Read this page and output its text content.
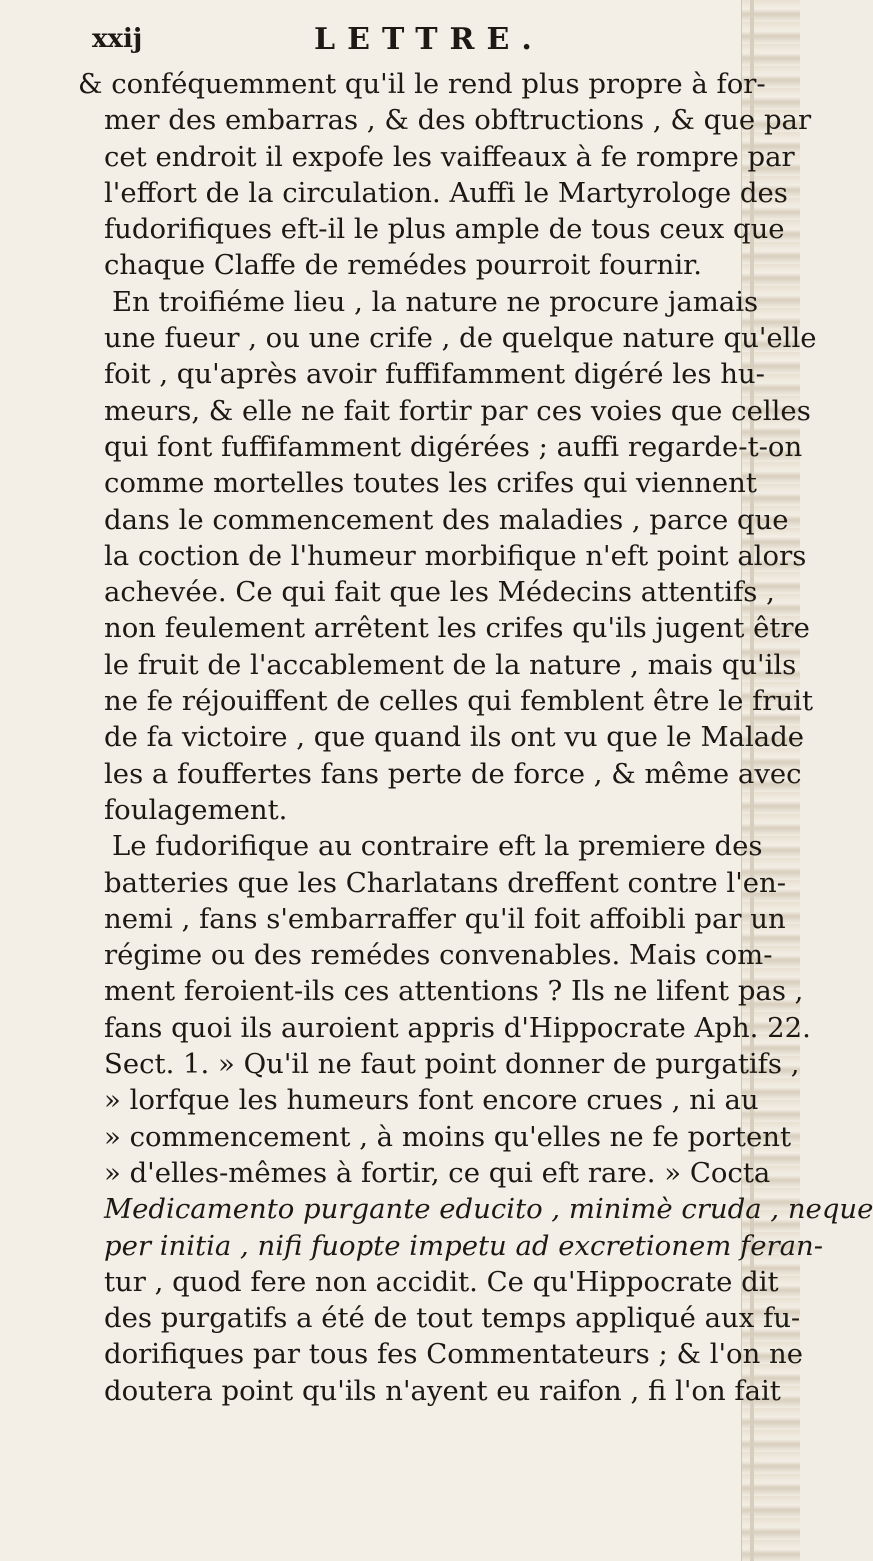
xxij	LETTRE.
& conféquemment qu'il le rend plus propre à for-
mer des embarras , & des obftructions , & que par
cet endroit il expofe les vaiffeaux à fe rompre par
l'effort de la circulation. Auffi le Martyrologe des
fudorifiques eft-il le plus ample de tous ceux que
chaque Claffe de remédes pourroit fournir.
En troifiéme lieu , la nature ne procure jamais
une fueur , ou une crife , de quelque nature qu'elle
foit , qu'après avoir fuffifamment digéré les hu-
meurs, & elle ne fait fortir par ces voies que celles
qui font fuffifamment digérées ; auffi regarde-t-on
comme mortelles toutes les crifes qui viennent
dans le commencement des maladies , parce que
la coction de l'humeur morbifique n'eft point alors
achevée. Ce qui fait que les Médecins attentifs ,
non feulement arrêtent les crifes qu'ils jugent être
le fruit de l'accablement de la nature , mais qu'ils
ne fe réjouiffent de celles qui femblent être le fruit
de fa victoire , que quand ils ont vu que le Malade
les a fouffertes fans perte de force , & même avec
foulagement.
Le fudorifique au contraire eft la premiere des
batteries que les Charlatans dreffent contre l'en-
nemi , fans s'embarraffer qu'il foit affoibli par un
régime ou des remédes convenables. Mais com-
ment feroient-ils ces attentions ? Ils ne lifent pas ,
fans quoi ils auroient appris d'Hippocrate Aph. 22.
Sect. 1. » Qu'il ne faut point donner de purgatifs ,
» lorfque les humeurs font encore crues , ni au
» commencement , à moins qu'elles ne fe portent
» d'elles-mêmes à fortir, ce qui eft rare. » Cocta
Medicamento purgante educito , minimè cruda , neque
per initia , nifi fuopte impetu ad excretionem feran-
tur , quod fere non accidit. Ce qu'Hippocrate dit
des purgatifs a été de tout temps appliqué aux fu-
dorifiques par tous fes Commentateurs ; & l'on ne
doutera point qu'ils n'ayent eu raifon , fi l'on fait
